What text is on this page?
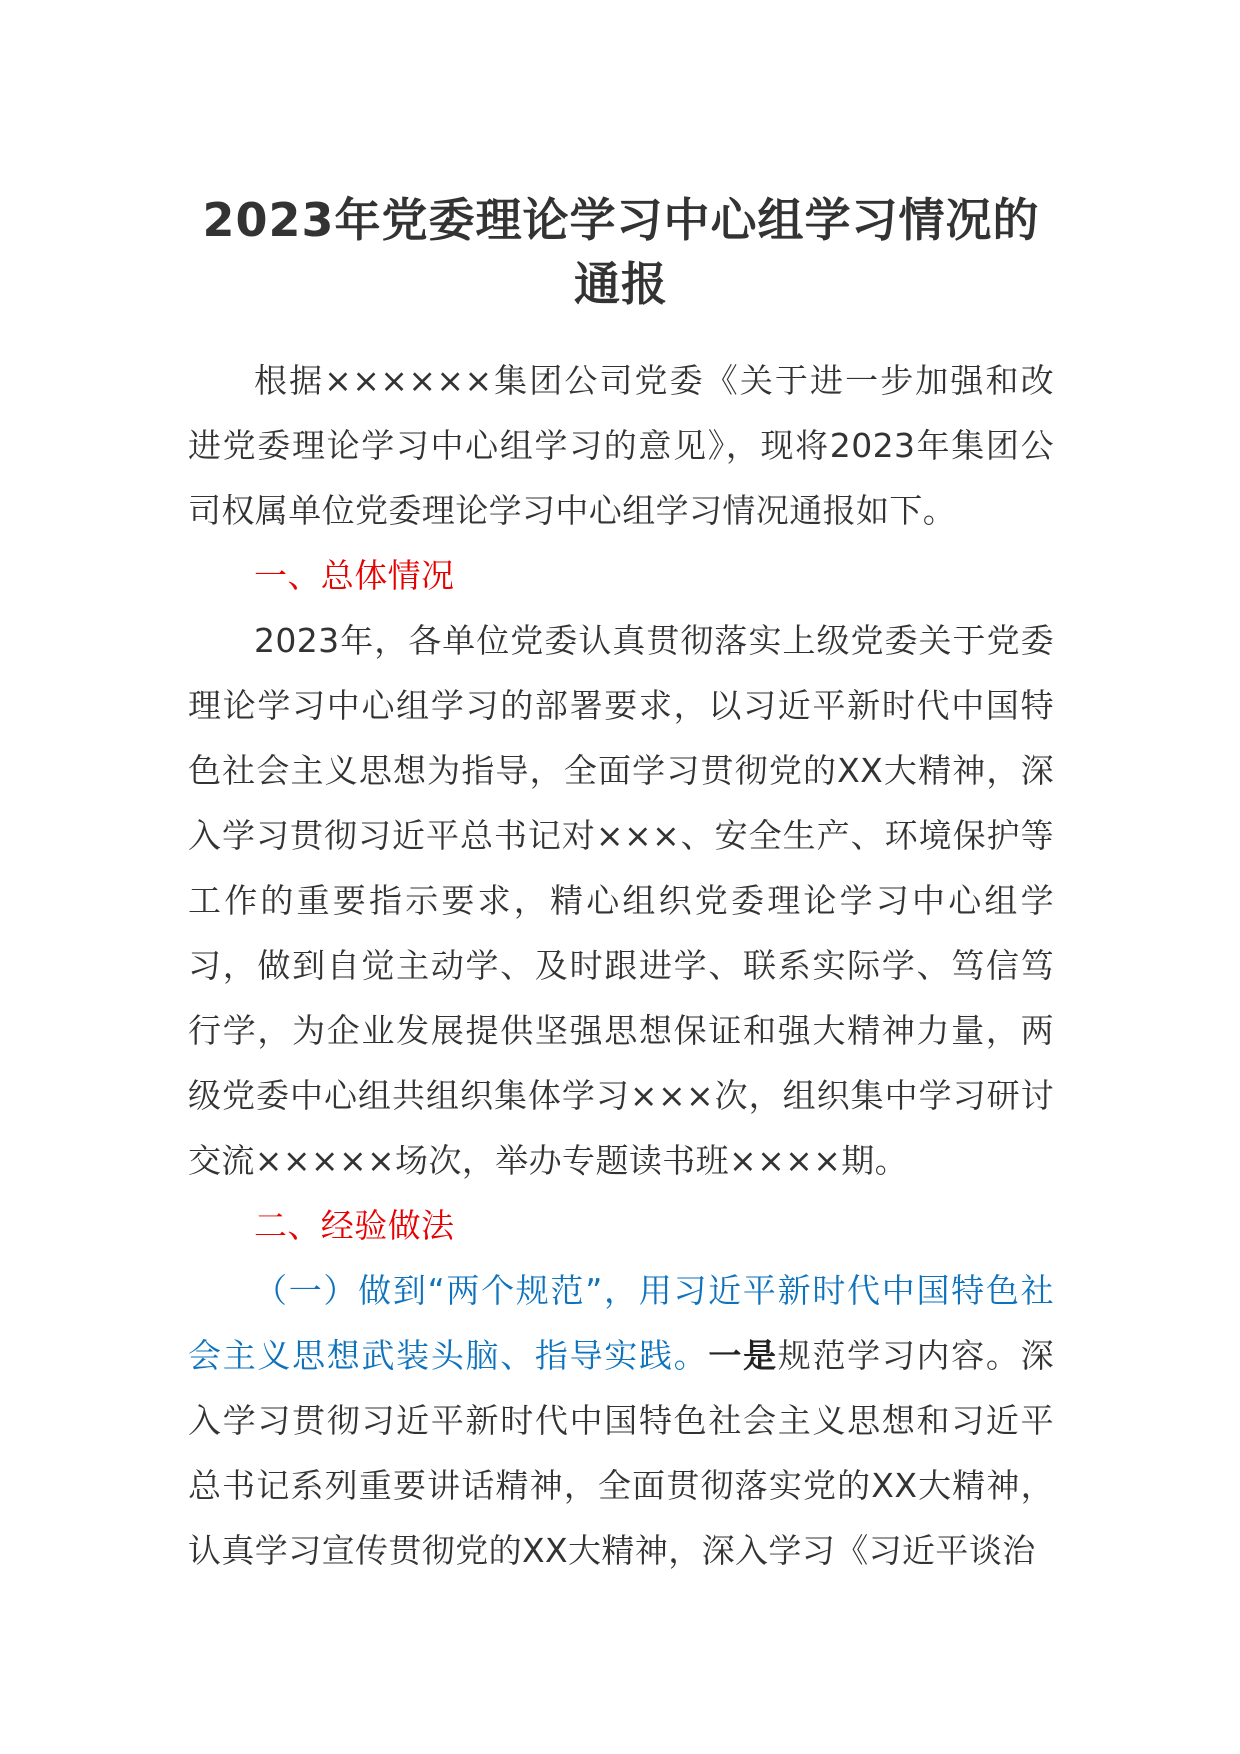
2023年党委理论学习中心组学习情况的
通报

根据××××××集团公司党委《关于进一步加强和改进党委理论学习中心组学习的意见》，现将2023年集团公司权属单位党委理论学习中心组学习情况通报如下。

一、总体情况

2023年，各单位党委认真贯彻落实上级党委关于党委理论学习中心组学习的部署要求，以习近平新时代中国特色社会主义思想为指导，全面学习贯彻党的XX大精神，深入学习贯彻习近平总书记对×××、安全生产、环境保护等工作的重要指示要求，精心组织党委理论学习中心组学习，做到自觉主动学、及时跟进学、联系实际学、笃信笃行学，为企业发展提供坚强思想保证和强大精神力量，两级党委中心组共组织集体学习×××次，组织集中学习研讨交流×××××场次，举办专题读书班××××期。

二、经验做法

（一）做到“两个规范”，用习近平新时代中国特色社会主义思想武装头脑、指导实践。一是规范学习内容。深入学习贯彻习近平新时代中国特色社会主义思想和习近平总书记系列重要讲话精神，全面贯彻落实党的XX大精神，认真学习宣传贯彻党的XX大精神，深入学习《习近平谈治
